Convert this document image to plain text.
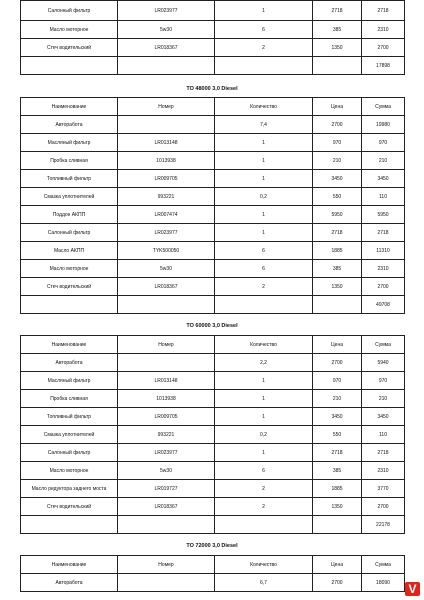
Салонный фильтр	LR023977	1	2718	2718
Масло моторное	5w30	6	385	2310
Стеч водительский	LR018367	2	1350	2700
				17898
ТО 48000 3,0 Diesel
Наименование	Номер	Количество	Цена	Сумма
Авторабота		7,4	2700	19980
Масляный фильтр	LR013148	1	970	970
Пробка сливная	1013938	1	210	210
Топливный фильтр	LR009705	1	3450	3450
Смазка уплотнителей	993221	0,2	550	110
Поддон АКПП	LR007474	1	5950	5950
Салонный фильтр	LR023977	1	2718	2718
Масло АКПП	TYK500050	6	1885	11310
Масло моторное	5w30	6	385	2310
Стеч водительский	LR018367	2	1350	2700
				49708
ТО 60000 3,0 Diesel
Наименование	Номер	Количество	Цена	Сумма
Авторабота		2,2	2700	5940
Масляный фильтр	LR013148	1	970	970
Пробка сливная	1013938	1	210	210
Топливный фильтр	LR009705	1	3450	3450
Смазка уплотнителей	993221	0,2	550	110
Салонный фильтр	LR023977	1	2718	2718
Масло моторное	5w30	6	385	2310
Масло редуктора заднего моста	LR019727	2	1885	3770
Стеч водительский	LR018367	2	1350	2700
				22178
ТО 72000 3,0 Diesel
Наименование	Номер	Количество	Цена	Сумма
Авторабота		6,7	2700	18090 V
